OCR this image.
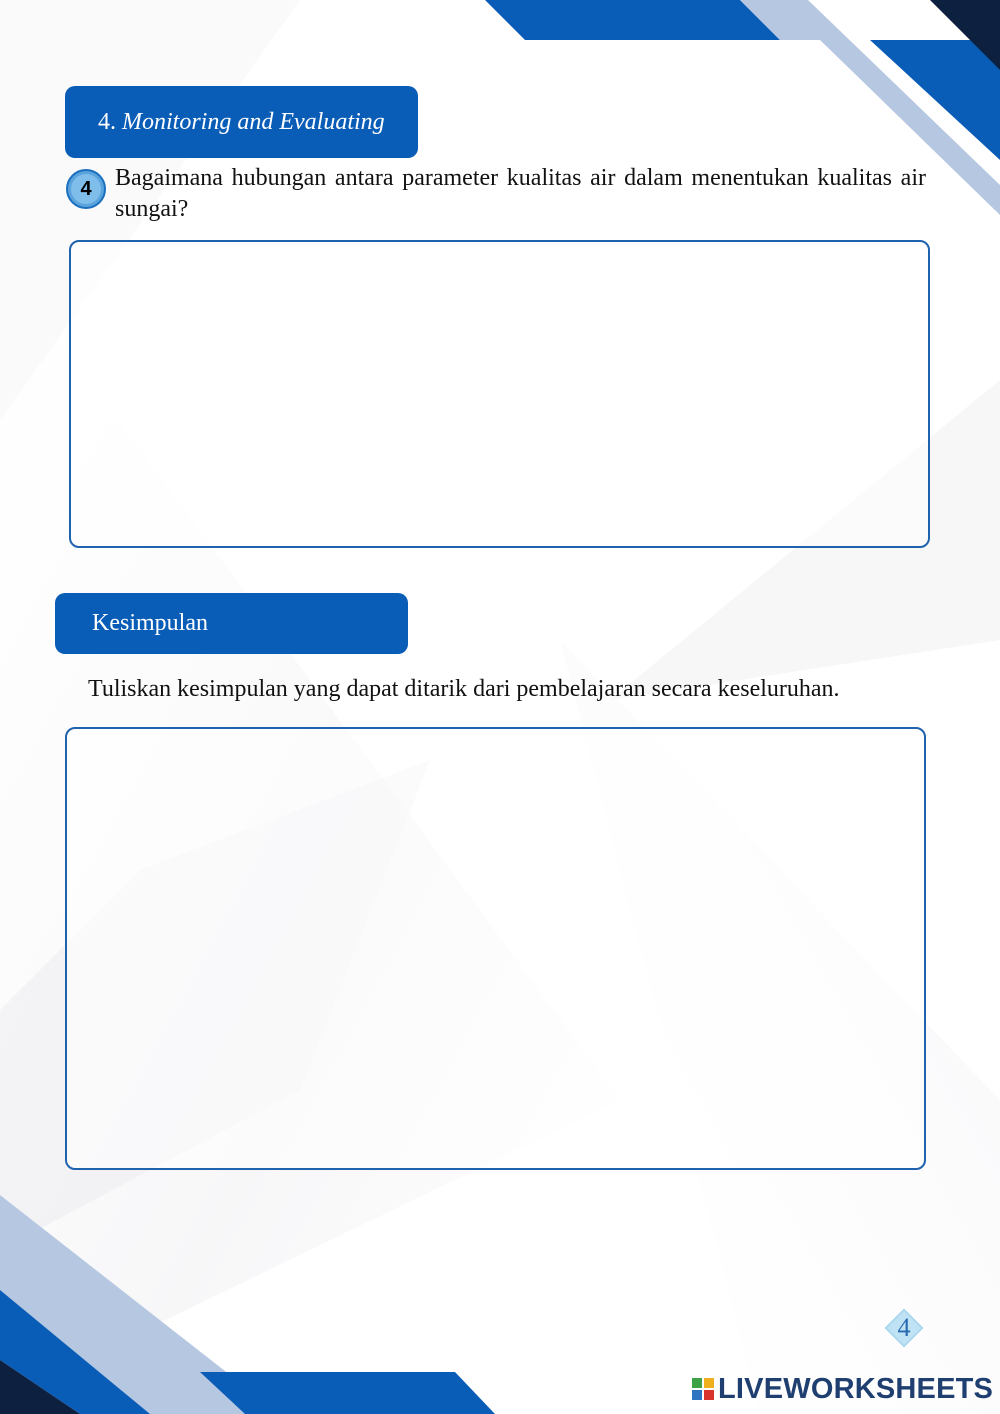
4. Monitoring and Evaluating
4 Bagaimana hubungan antara parameter kualitas air dalam menentukan kualitas air sungai?
Kesimpulan
Tuliskan kesimpulan yang dapat ditarik dari pembelajaran secara keseluruhan.
4
LIVEWORKSHEETS
